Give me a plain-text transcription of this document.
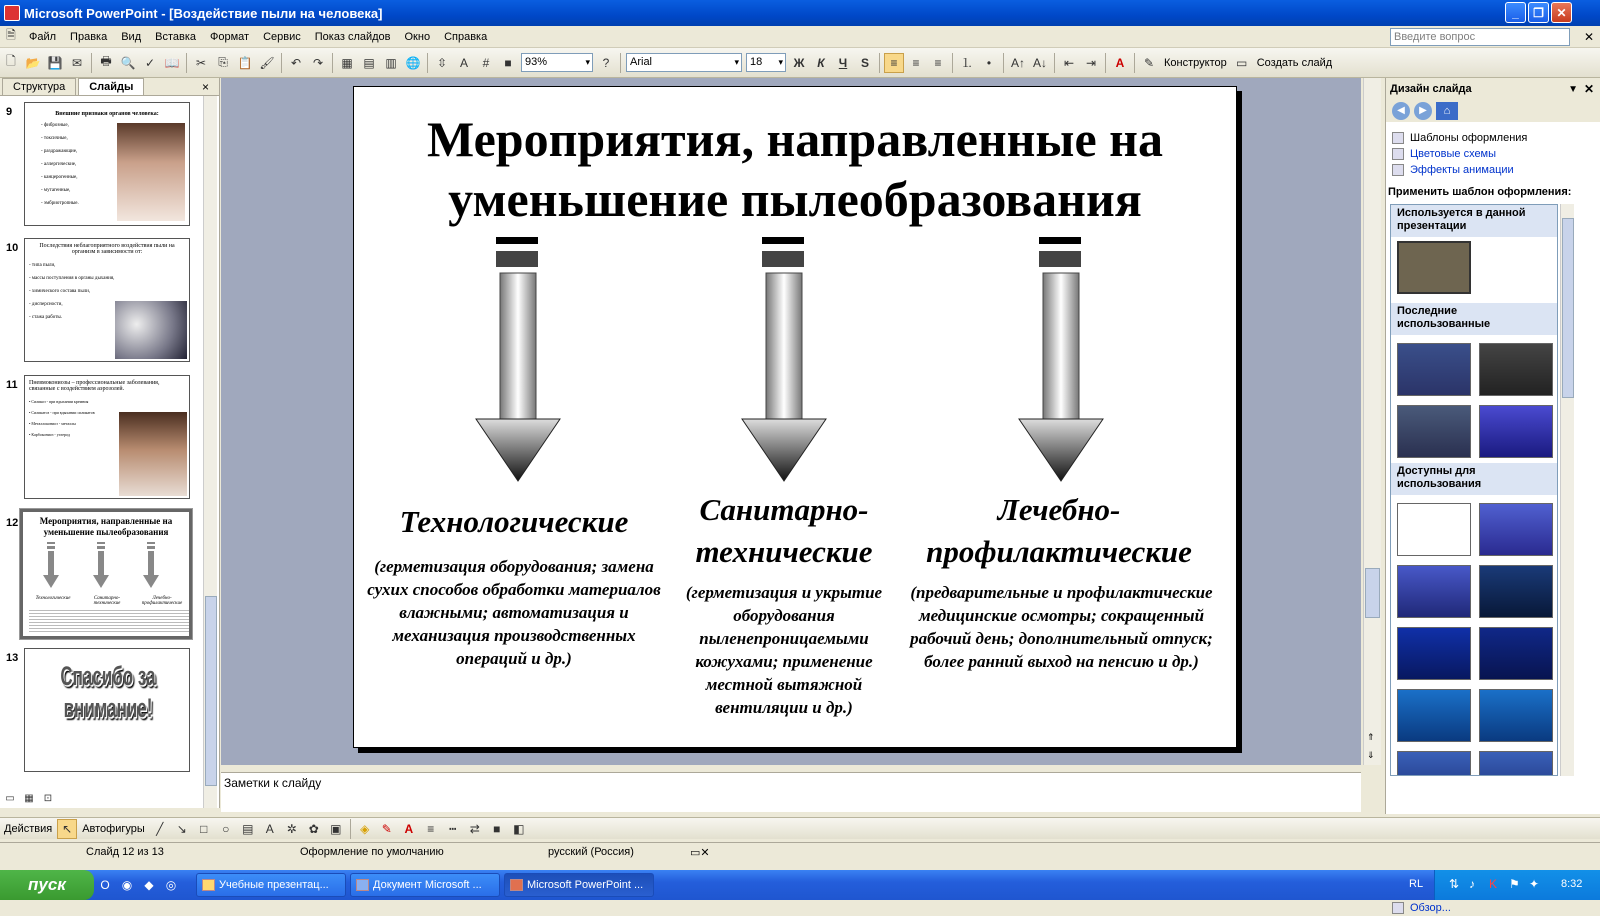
Microsoft PowerPoint - [Воздействие пыли на человека]	_	❐	✕
🗎	Файл	Правка	Вид	Вставка	Формат	Сервис	Показ слайдов	Окно	Справка	Введите вопрос	✕
🗋 📂 💾 ✉	🖶 🔍 ✓ 📖	✂	⎘ 📋 🖌	↶ ↷	▦ ▤ ▥ 🌐	⇳	A	#	■	93% ▾	?	Arial ▾	18 ▾	Ж	К	Ч	S	≡	≡	≡	⒈	•	A↑ A↓	⇤ ⇥	A	✎ Конструктор ▭ Создать слайд
Структура	Слайды	×
9	Внешние признаки органов человека:
- фиброзные,
- токсичные,
- раздражающие,
- аллергические,
- канцерогенные,
- мутагенные,
- эмбриотропные.
10	Последствия неблагоприятного воздействия пыли на организм в зависимости от:
- типа пыли,
- массы поступления в органы дыхания,
- химического состава пыли,
- дисперсности,
- стажа работы.
11	Пневмокониозы – профессиональные заболевания, связанные с воздействием аэрозолей.
• Силикоз - при вдыхании кремния
• Силикатоз - при вдыхании силикатов
• Металлокониоз - металлы
• Карбокониоз - углерод
12	Мероприятия, направленные на уменьшение пылеобразования
Технологические	Санитарно-технические
Лечебно-профилактические
13
Спасибо за внимание!
▭ ▦ ⊡
⇓
⇑
Мероприятия, направленные на уменьшение пылеобразования
Технологические
(герметизация оборудования; замена сухих способов обработки материалов влажными; автоматизация и механизация производственных операций и др.)
Санитарно-технические
(герметизация и укрытие оборудования пыленепроницаемыми кожухами; применение местной вытяжной вентиляции и др.)
Лечебно-профилактические
(предварительные и профилактические медицинские осмотры; сокращенный рабочий день; дополнительный отпуск; более ранний выход на пенсию и др.)
Заметки к слайду
Дизайн слайда	▼ ✕
◀	▶	⌂
Шаблоны оформления
Цветовые схемы
Эффекты анимации
Применить шаблон оформления:
Используется в данной презентации
Последние использованные
Доступны для использования
Обзор...
Действия ↖ Автофигуры ╱	↘	□	○	▤	A	✲ ✿ ▣	◈	✎	A	≡	┅	⇄	■	◧
Слайд 12 из 13	Оформление по умолчанию	русский (Россия)	▭✕
пуск	O	◉	◆	◎	Учебные презентац...	Документ Microsoft ...	Microsoft PowerPoint ...	RL ⇅ ♪ K ⚑ ✦ 8:32
